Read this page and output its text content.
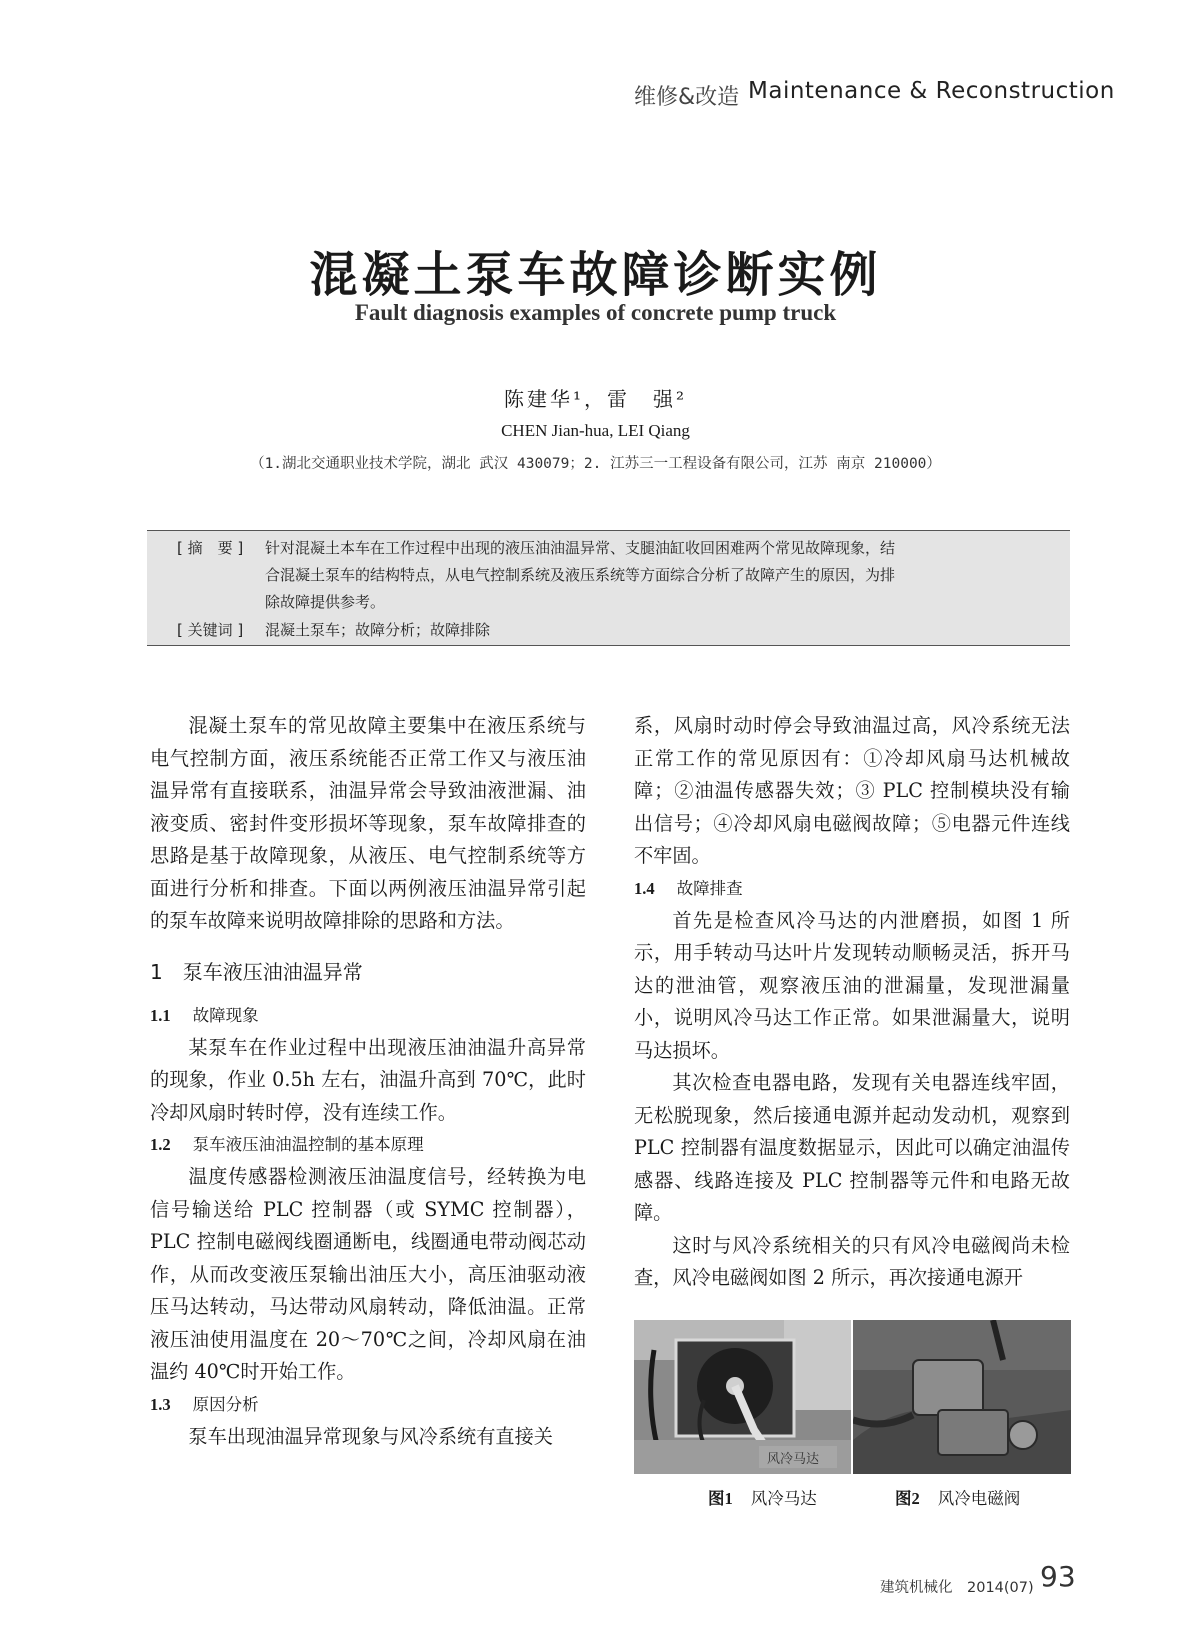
维修&改造 Maintenance & Reconstruction
混凝土泵车故障诊断实例
Fault diagnosis examples of concrete pump truck
陈建华¹，雷　强²
CHEN Jian-hua, LEI Qiang
（1.湖北交通职业技术学院，湖北 武汉 430079；2. 江苏三一工程设备有限公司，江苏 南京 210000）
[ 摘　要 ] 针对混凝土本车在工作过程中出现的液压油油温异常、支腿油缸收回困难两个常见故障现象，结
合混凝土泵车的结构特点，从电气控制系统及液压系统等方面综合分析了故障产生的原因，为排
除故障提供参考。
[ 关键词 ] 混凝土泵车；故障分析；故障排除

混凝土泵车的常见故障主要集中在液压系统与电气控制方面，液压系统能否正常工作又与液压油温异常有直接联系，油温异常会导致油液泄漏、油液变质、密封件变形损坏等现象，泵车故障排查的思路是基于故障现象，从液压、电气控制系统等方面进行分析和排查。下面以两例液压油温异常引起的泵车故障来说明故障排除的思路和方法。

1　泵车液压油油温异常
1.1 故障现象

某泵车在作业过程中出现液压油油温升高异常的现象，作业 0.5h 左右，油温升高到 70℃，此时冷却风扇时转时停，没有连续工作。

1.2 泵车液压油油温控制的基本原理

温度传感器检测液压油温度信号，经转换为电信号输送给 PLC 控制器（或 SYMC 控制器），PLC 控制电磁阀线圈通断电，线圈通电带动阀芯动作，从而改变液压泵输出油压大小，高压油驱动液压马达转动，马达带动风扇转动，降低油温。正常液压油使用温度在 20～70℃之间，冷却风扇在油温约 40℃时开始工作。

1.3 原因分析

泵车出现油温异常现象与风冷系统有直接关

系，风扇时动时停会导致油温过高，风冷系统无法正常工作的常见原因有：①冷却风扇马达机械故障；②油温传感器失效；③ PLC 控制模块没有输出信号；④冷却风扇电磁阀故障；⑤电器元件连线不牢固。

1.4 故障排查

首先是检查风冷马达的内泄磨损，如图 1 所示，用手转动马达叶片发现转动顺畅灵活，拆开马达的泄油管，观察液压油的泄漏量，发现泄漏量小，说明风冷马达工作正常。如果泄漏量大，说明马达损坏。

其次检查电器电路，发现有关电器连线牢固，无松脱现象，然后接通电源并起动发动机，观察到 PLC 控制器有温度数据显示，因此可以确定油温传感器、线路连接及 PLC 控制器等元件和电路无故障。

这时与风冷系统相关的只有风冷电磁阀尚未检查，风冷电磁阀如图 2 所示，再次接通电源开

风冷马达
图1 风冷马达	图2 风冷电磁阀
建筑机械化　2014(07) 93
